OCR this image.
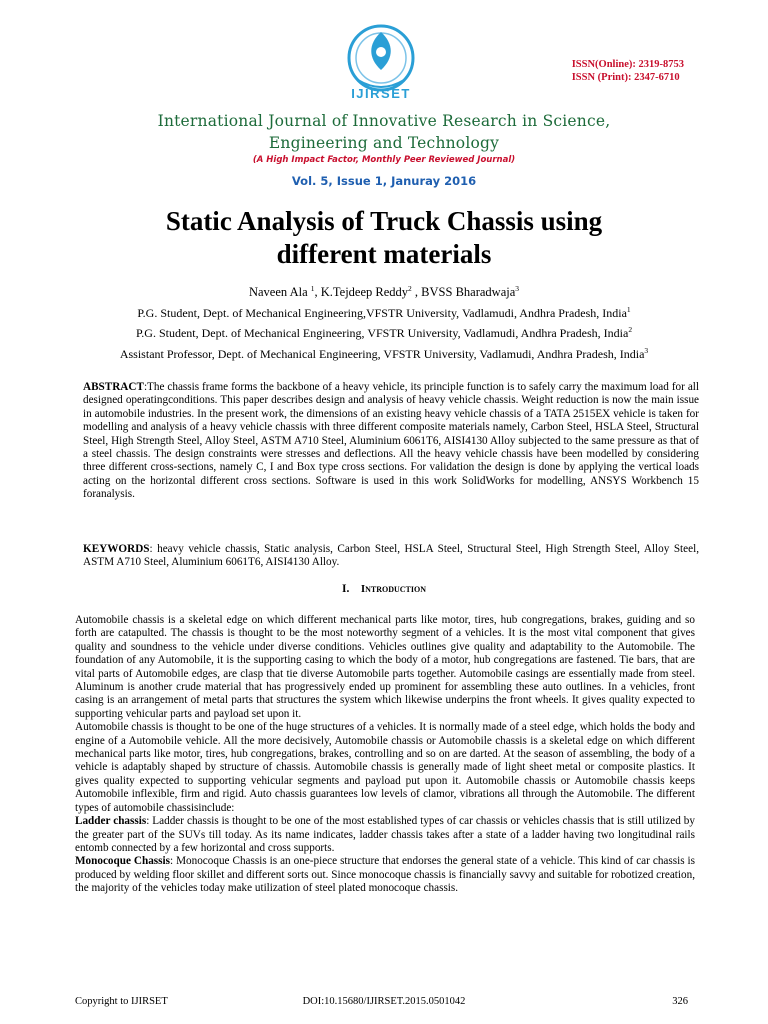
IJIRSET
ISSN(Online): 2319-8753
ISSN (Print): 2347-6710
International Journal of Innovative Research in Science,
Engineering and Technology
(A High Impact Factor, Monthly Peer Reviewed Journal)
Vol. 5, Issue 1, Januray 2016
Static Analysis of Truck Chassis using
different materials
Naveen Ala $^1$, K.Tejdeep Reddy$^2$ , BVSS Bharadwaja$^3$
P.G. Student, Dept. of Mechanical Engineering,VFSTR University, Vadlamudi, Andhra Pradesh, India$^1$
P.G. Student, Dept. of Mechanical Engineering, VFSTR University, Vadlamudi, Andhra Pradesh, India$^2$
Assistant Professor, Dept. of Mechanical Engineering, VFSTR University, Vadlamudi, Andhra Pradesh, India$^3$

ABSTRACT:The chassis frame forms the backbone of a heavy vehicle, its principle function is to safely carry the maximum load for all designed operatingconditions. This paper describes design and analysis of heavy vehicle chassis. Weight reduction is now the main issue in automobile industries. In the present work, the dimensions of an existing heavy vehicle chassis of a TATA 2515EX vehicle is taken for modelling and analysis of a heavy vehicle chassis with three different composite materials namely, Carbon Steel, HSLA Steel, Structural Steel, High Strength Steel, Alloy Steel, ASTM A710 Steel, Aluminium 6061T6, AISI4130 Alloy subjected to the same pressure as that of a steel chassis. The design constraints were stresses and deflections. All the heavy vehicle chassis have been modelled by considering three different cross-sections, namely C, I and Box type cross sections. For validation the design is done by applying the vertical loads acting on the horizontal different cross sections. Software is used in this work SolidWorks for modelling, ANSYS Workbench 15 foranalysis.

KEYWORDS: heavy vehicle chassis, Static analysis, Carbon Steel, HSLA Steel, Structural Steel, High Strength Steel, Alloy Steel, ASTM A710 Steel, Aluminium 6061T6, AISI4130 Alloy.

I. Introduction

Automobile chassis is a skeletal edge on which different mechanical parts like motor, tires, hub congregations, brakes, guiding and so forth are catapulted. The chassis is thought to be the most noteworthy segment of a vehicles. It is the most vital component that gives quality and soundness to the vehicle under diverse conditions. Vehicles outlines give quality and adaptability to the Automobile. The foundation of any Automobile, it is the supporting casing to which the body of a motor, hub congregations are fastened. Tie bars, that are vital parts of Automobile edges, are clasp that tie diverse Automobile parts together. Automobile casings are essentially made from steel. Aluminum is another crude material that has progressively ended up prominent for assembling these auto outlines. In a vehicles, front casing is an arrangement of metal parts that structures the system which likewise underpins the front wheels. It gives quality expected to supporting vehicular parts and payload set upon it.

Automobile chassis is thought to be one of the huge structures of a vehicles. It is normally made of a steel edge, which holds the body and engine of a Automobile vehicle. All the more decisively, Automobile chassis or Automobile chassis is a skeletal edge on which different mechanical parts like motor, tires, hub congregations, brakes, controlling and so on are darted. At the season of assembling, the body of a vehicle is adaptably shaped by structure of chassis. Automobile chassis is generally made of light sheet metal or composite plastics. It gives quality expected to supporting vehicular segments and payload put upon it. Automobile chassis or Automobile chassis keeps Automobile inflexible, firm and rigid. Auto chassis guarantees low levels of clamor, vibrations all through the Automobile. The different types of automobile chassisinclude:

Ladder chassis: Ladder chassis is thought to be one of the most established types of car chassis or vehicles chassis that is still utilized by the greater part of the SUVs till today. As its name indicates, ladder chassis takes after a state of a ladder having two longitudinal rails entomb connected by a few horizontal and cross supports.

Monocoque Chassis: Monocoque Chassis is an one-piece structure that endorses the general state of a vehicle. This kind of car chassis is produced by welding floor skillet and different sorts out. Since monocoque chassis is financially savvy and suitable for robotized creation, the majority of the vehicles today make utilization of steel plated monocoque chassis.

Copyright to IJIRSET	DOI:10.15680/IJIRSET.2015.0501042	326
